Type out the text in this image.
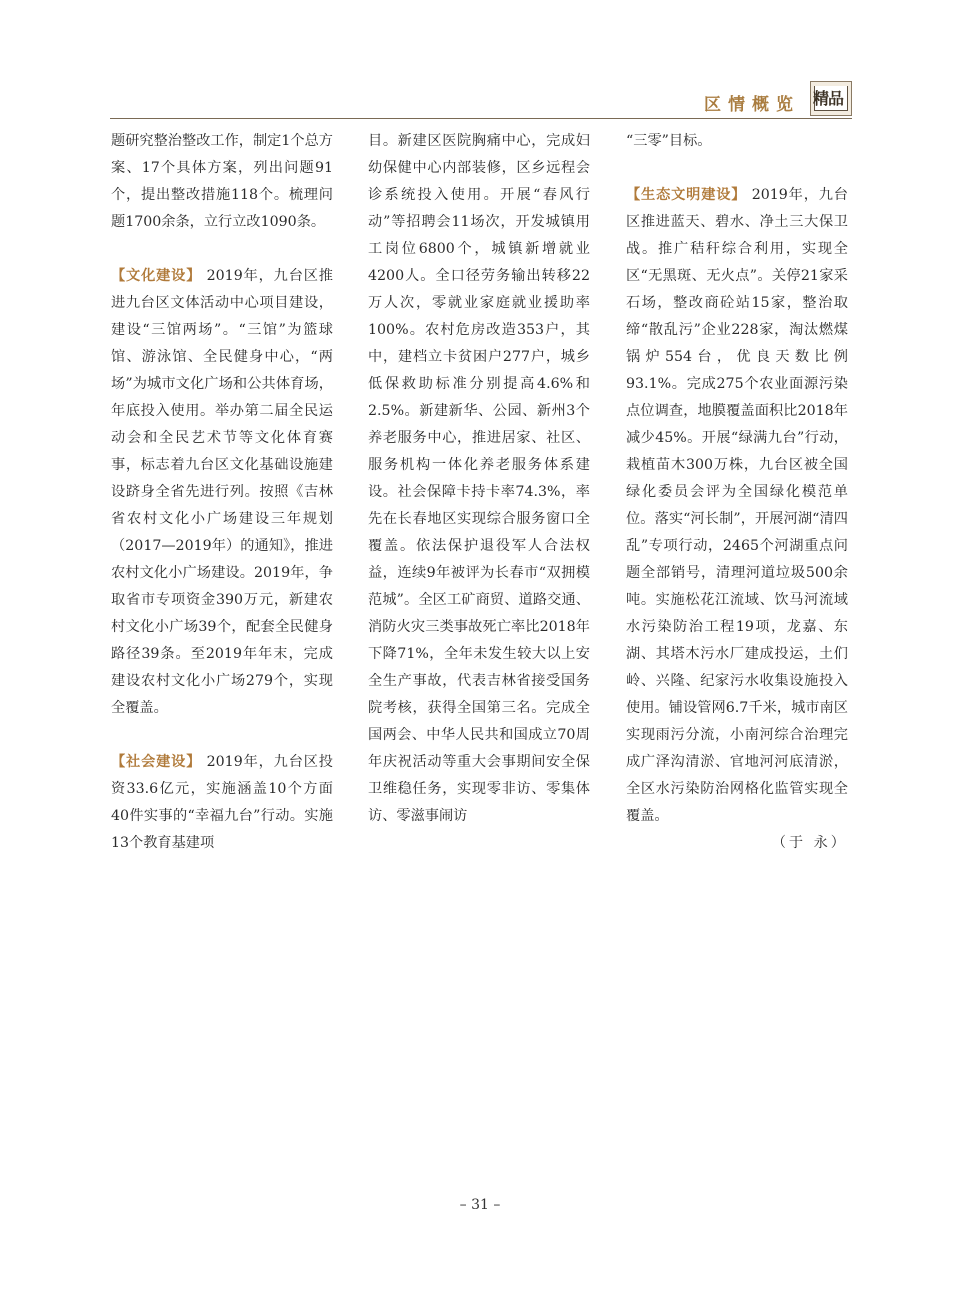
区情概览 精品

题研究整治整改工作，制定1个总方案、17个具体方案，列出问题91个，提出整改措施118个。梳理问题1700余条，立行立改1090条。

【文化建设】 2019年，九台区推进九台区文体活动中心项目建设，建设“三馆两场”。“三馆”为篮球馆、游泳馆、全民健身中心，“两场”为城市文化广场和公共体育场，年底投入使用。举办第二届全民运动会和全民艺术节等文化体育赛事，标志着九台区文化基础设施建设跻身全省先进行列。按照《吉林省农村文化小广场建设三年规划（2017—2019年）的通知》，推进农村文化小广场建设。2019年，争取省市专项资金390万元，新建农村文化小广场39个，配套全民健身路径39条。至2019年年末，完成建设农村文化小广场279个，实现全覆盖。

【社会建设】 2019年，九台区投资33.6亿元，实施涵盖10个方面40件实事的“幸福九台”行动。实施13个教育基建项

目。新建区医院胸痛中心，完成妇幼保健中心内部装修，区乡远程会诊系统投入使用。开展“春风行动”等招聘会11场次，开发城镇用工岗位6800个，城镇新增就业4200人。全口径劳务输出转移22万人次，零就业家庭就业援助率100%。农村危房改造353户，其中，建档立卡贫困户277户，城乡低保救助标准分别提高4.6%和2.5%。新建新华、公园、新州3个养老服务中心，推进居家、社区、服务机构一体化养老服务体系建设。社会保障卡持卡率74.3%，率先在长春地区实现综合服务窗口全覆盖。依法保护退役军人合法权益，连续9年被评为长春市“双拥模范城”。全区工矿商贸、道路交通、消防火灾三类事故死亡率比2018年下降71%，全年未发生较大以上安全生产事故，代表吉林省接受国务院考核，获得全国第三名。完成全国两会、中华人民共和国成立70周年庆祝活动等重大会事期间安全保卫维稳任务，实现零非访、零集体访、零滋事闹访

“三零”目标。

【生态文明建设】 2019年，九台区推进蓝天、碧水、净土三大保卫战。推广秸秆综合利用，实现全区“无黑斑、无火点”。关停21家采石场，整改商砼站15家，整治取缔“散乱污”企业228家，淘汰燃煤锅炉554台，优良天数比例93.1%。完成275个农业面源污染点位调查，地膜覆盖面积比2018年减少45%。开展“绿满九台”行动，栽植苗木300万株，九台区被全国绿化委员会评为全国绿化模范单位。落实“河长制”，开展河湖“清四乱”专项行动，2465个河湖重点问题全部销号，清理河道垃圾500余吨。实施松花江流域、饮马河流域水污染防治工程19项，龙嘉、东湖、其塔木污水厂建成投运，土们岭、兴隆、纪家污水收集设施投入使用。铺设管网6.7千米，城市南区实现雨污分流，小南河综合治理完成广泽沟清淤、官地河河底清淤，全区水污染防治网格化监管实现全覆盖。

（于 永）

– 31 –
